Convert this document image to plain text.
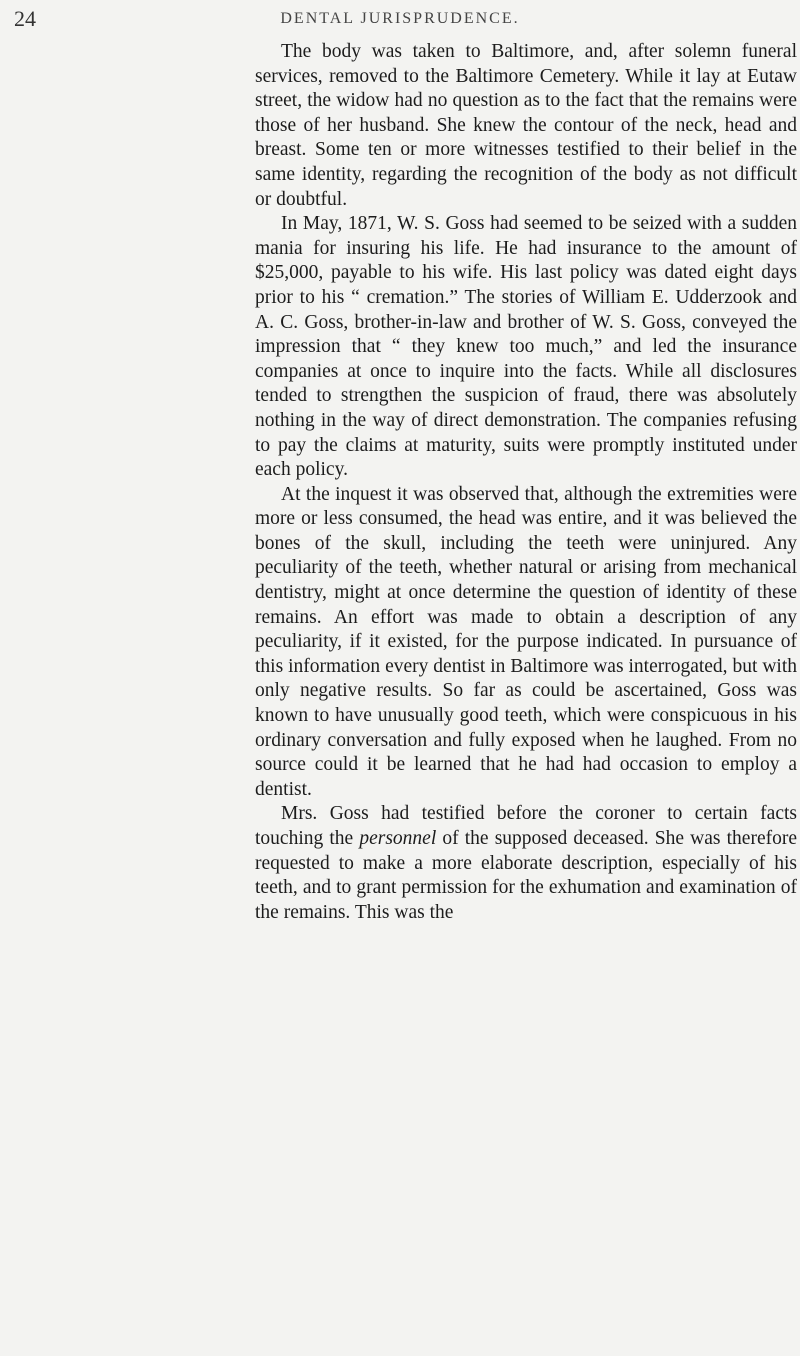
24	DENTAL JURISPRUDENCE.

The body was taken to Baltimore, and, after solemn funeral services, removed to the Baltimore Cemetery. While it lay at Eutaw street, the widow had no question as to the fact that the remains were those of her husband. She knew the contour of the neck, head and breast. Some ten or more witnesses testified to their belief in the same identity, regarding the recognition of the body as not difficult or doubtful.

In May, 1871, W. S. Goss had seemed to be seized with a sudden mania for insuring his life. He had insurance to the amount of $25,000, payable to his wife. His last policy was dated eight days prior to his “ cremation.” The stories of William E. Udderzook and A. C. Goss, brother-in-law and brother of W. S. Goss, conveyed the impression that “ they knew too much,” and led the insurance companies at once to inquire into the facts. While all disclosures tended to strengthen the suspicion of fraud, there was absolutely nothing in the way of direct demonstration. The companies refusing to pay the claims at maturity, suits were promptly instituted under each policy.

At the inquest it was observed that, although the extremities were more or less consumed, the head was entire, and it was believed the bones of the skull, including the teeth were uninjured. Any peculiarity of the teeth, whether natural or arising from mechanical dentistry, might at once determine the question of identity of these remains. An effort was made to obtain a description of any peculiarity, if it existed, for the purpose indicated. In pursuance of this information every dentist in Baltimore was interrogated, but with only negative results. So far as could be ascertained, Goss was known to have unusually good teeth, which were conspicuous in his ordinary conversation and fully exposed when he laughed. From no source could it be learned that he had had occasion to employ a dentist.

Mrs. Goss had testified before the coroner to certain facts touching the personnel of the supposed deceased. She was therefore requested to make a more elaborate description, especially of his teeth, and to grant permission for the exhumation and examination of the remains. This was the
